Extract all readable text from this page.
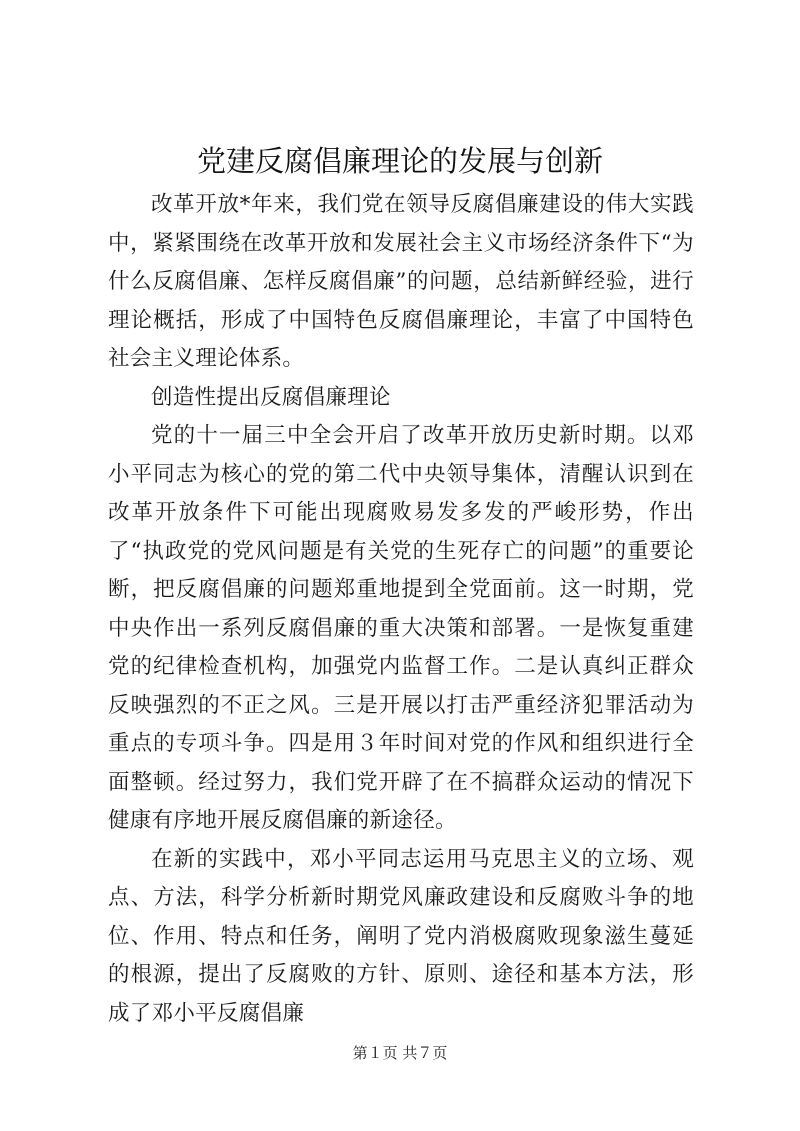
党建反腐倡廉理论的发展与创新

改革开放*年来，我们党在领导反腐倡廉建设的伟大实践中，紧紧围绕在改革开放和发展社会主义市场经济条件下“为什么反腐倡廉、怎样反腐倡廉”的问题，总结新鲜经验，进行理论概括，形成了中国特色反腐倡廉理论，丰富了中国特色社会主义理论体系。

创造性提出反腐倡廉理论

党的十一届三中全会开启了改革开放历史新时期。以邓小平同志为核心的党的第二代中央领导集体，清醒认识到在改革开放条件下可能出现腐败易发多发的严峻形势，作出了“执政党的党风问题是有关党的生死存亡的问题”的重要论断，把反腐倡廉的问题郑重地提到全党面前。这一时期，党中央作出一系列反腐倡廉的重大决策和部署。一是恢复重建党的纪律检查机构，加强党内监督工作。二是认真纠正群众反映强烈的不正之风。三是开展以打击严重经济犯罪活动为重点的专项斗争。四是用３年时间对党的作风和组织进行全面整顿。经过努力，我们党开辟了在不搞群众运动的情况下健康有序地开展反腐倡廉的新途径。

在新的实践中，邓小平同志运用马克思主义的立场、观点、方法，科学分析新时期党风廉政建设和反腐败斗争的地位、作用、特点和任务，阐明了党内消极腐败现象滋生蔓延的根源，提出了反腐败的方针、原则、途径和基本方法，形成了邓小平反腐倡廉

第１页 共７页
